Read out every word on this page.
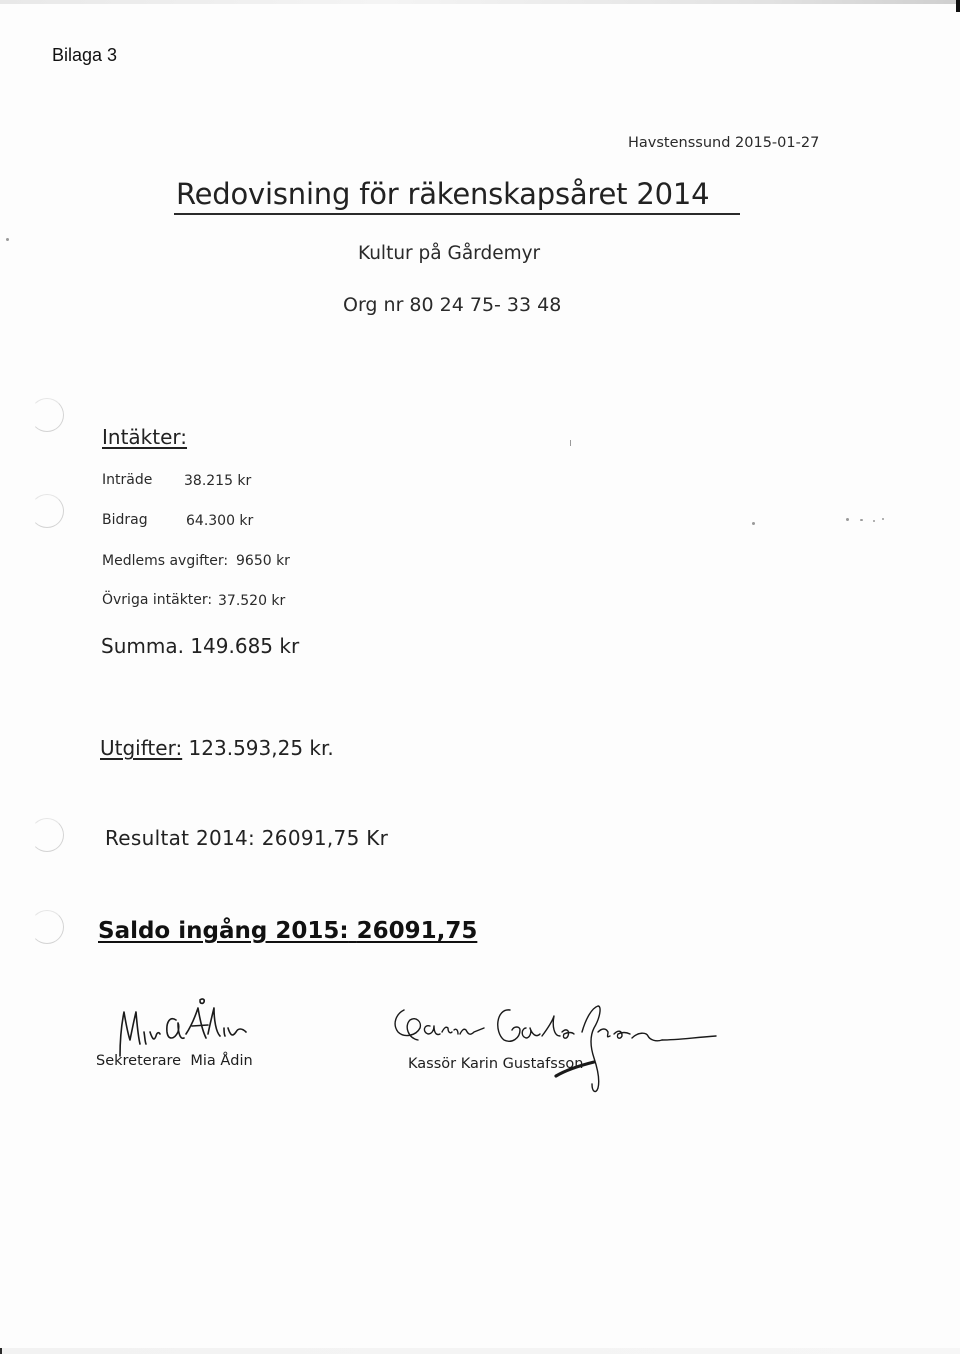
Bilaga 3
Havstenssund 2015-01-27
Redovisning för räkenskapsåret 2014
Kultur på Gårdemyr
Org nr 80 24 75- 33 48
Intäkter:
Inträde 38.215 kr
Bidrag	64.300 kr
Medlems avgifter: 9650 kr
Övriga intäkter: 37.520 kr
Summa. 149.685 kr
Utgifter: 123.593,25 kr.
Resultat 2014: 26091,75 Kr
Saldo ingång 2015: 26091,75
Sekreterare  Mia Ådin	Kassör Karin Gustafsson
